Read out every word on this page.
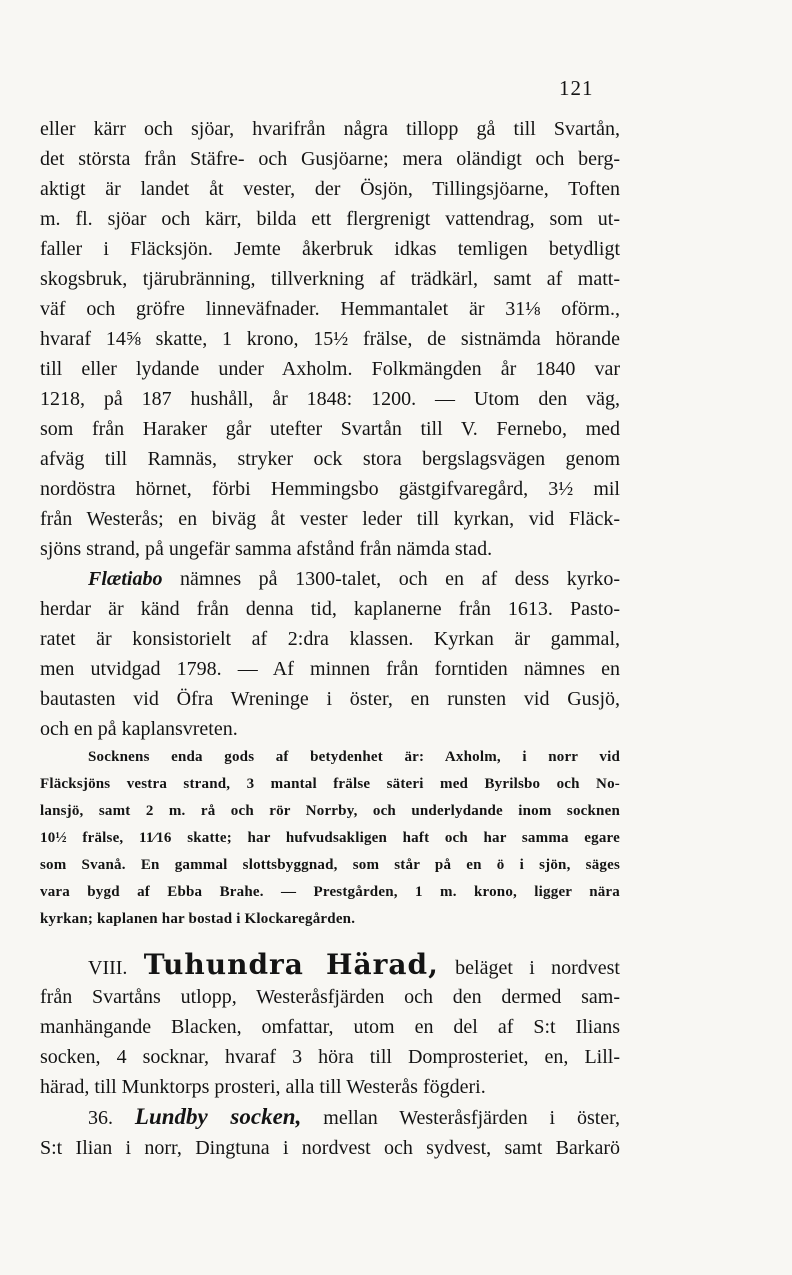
121
eller kärr och sjöar, hvarifrån några tillopp gå till Svartån,
det största från Stäfre- och Gusjöarne; mera oländigt och berg-
aktigt är landet åt vester, der Ösjön, Tillingsjöarne, Toften
m. fl. sjöar och kärr, bilda ett flergrenigt vattendrag, som ut-
faller i Fläcksjön. Jemte åkerbruk idkas temligen betydligt
skogsbruk, tjärubränning, tillverkning af trädkärl, samt af matt-
väf och gröfre linneväfnader. Hemmantalet är 31⅛ oförm.,
hvaraf 14⅝ skatte, 1 krono, 15½ frälse, de sistnämda hörande
till eller lydande under Axholm. Folkmängden år 1840 var
1218, på 187 hushåll, år 1848: 1200. — Utom den väg,
som från Haraker går utefter Svartån till V. Fernebo, med
afväg till Ramnäs, stryker ock stora bergslagsvägen genom
nordöstra hörnet, förbi Hemmingsbo gästgifvaregård, 3½ mil
från Westerås; en biväg åt vester leder till kyrkan, vid Fläck-
sjöns strand, på ungefär samma afstånd från nämda stad.
Flætiabo nämnes på 1300-talet, och en af dess kyrko-
herdar är känd från denna tid, kaplanerne från 1613. Pasto-
ratet är konsistorielt af 2:dra klassen. Kyrkan är gammal,
men utvidgad 1798. — Af minnen från forntiden nämnes en
bautasten vid Öfra Wreninge i öster, en runsten vid Gusjö,
och en på kaplansvreten.
Socknens enda gods af betydenhet är: Axholm, i norr vid
Fläcksjöns vestra strand, 3 mantal frälse säteri med Byrilsbo och No-
lansjö, samt 2 m. rå och rör Norrby, och underlydande inom socknen
10½ frälse, 11⁄16 skatte; har hufvudsakligen haft och har samma egare
som Svanå. En gammal slottsbyggnad, som står på en ö i sjön, säges
vara bygd af Ebba Brahe. — Prestgården, 1 m. krono, ligger nära
kyrkan; kaplanen har bostad i Klockaregården.
VIII. Tuhundra Härad, beläget i nordvest
från Svartåns utlopp, Westeråsfjärden och den dermed sam-
manhängande Blacken, omfattar, utom en del af S:t Ilians
socken, 4 socknar, hvaraf 3 höra till Domprosteriet, en, Lill-
härad, till Munktorps prosteri, alla till Westerås fögderi.
36. Lundby socken, mellan Westeråsfjärden i öster,
S:t Ilian i norr, Dingtuna i nordvest och sydvest, samt Barkarö
